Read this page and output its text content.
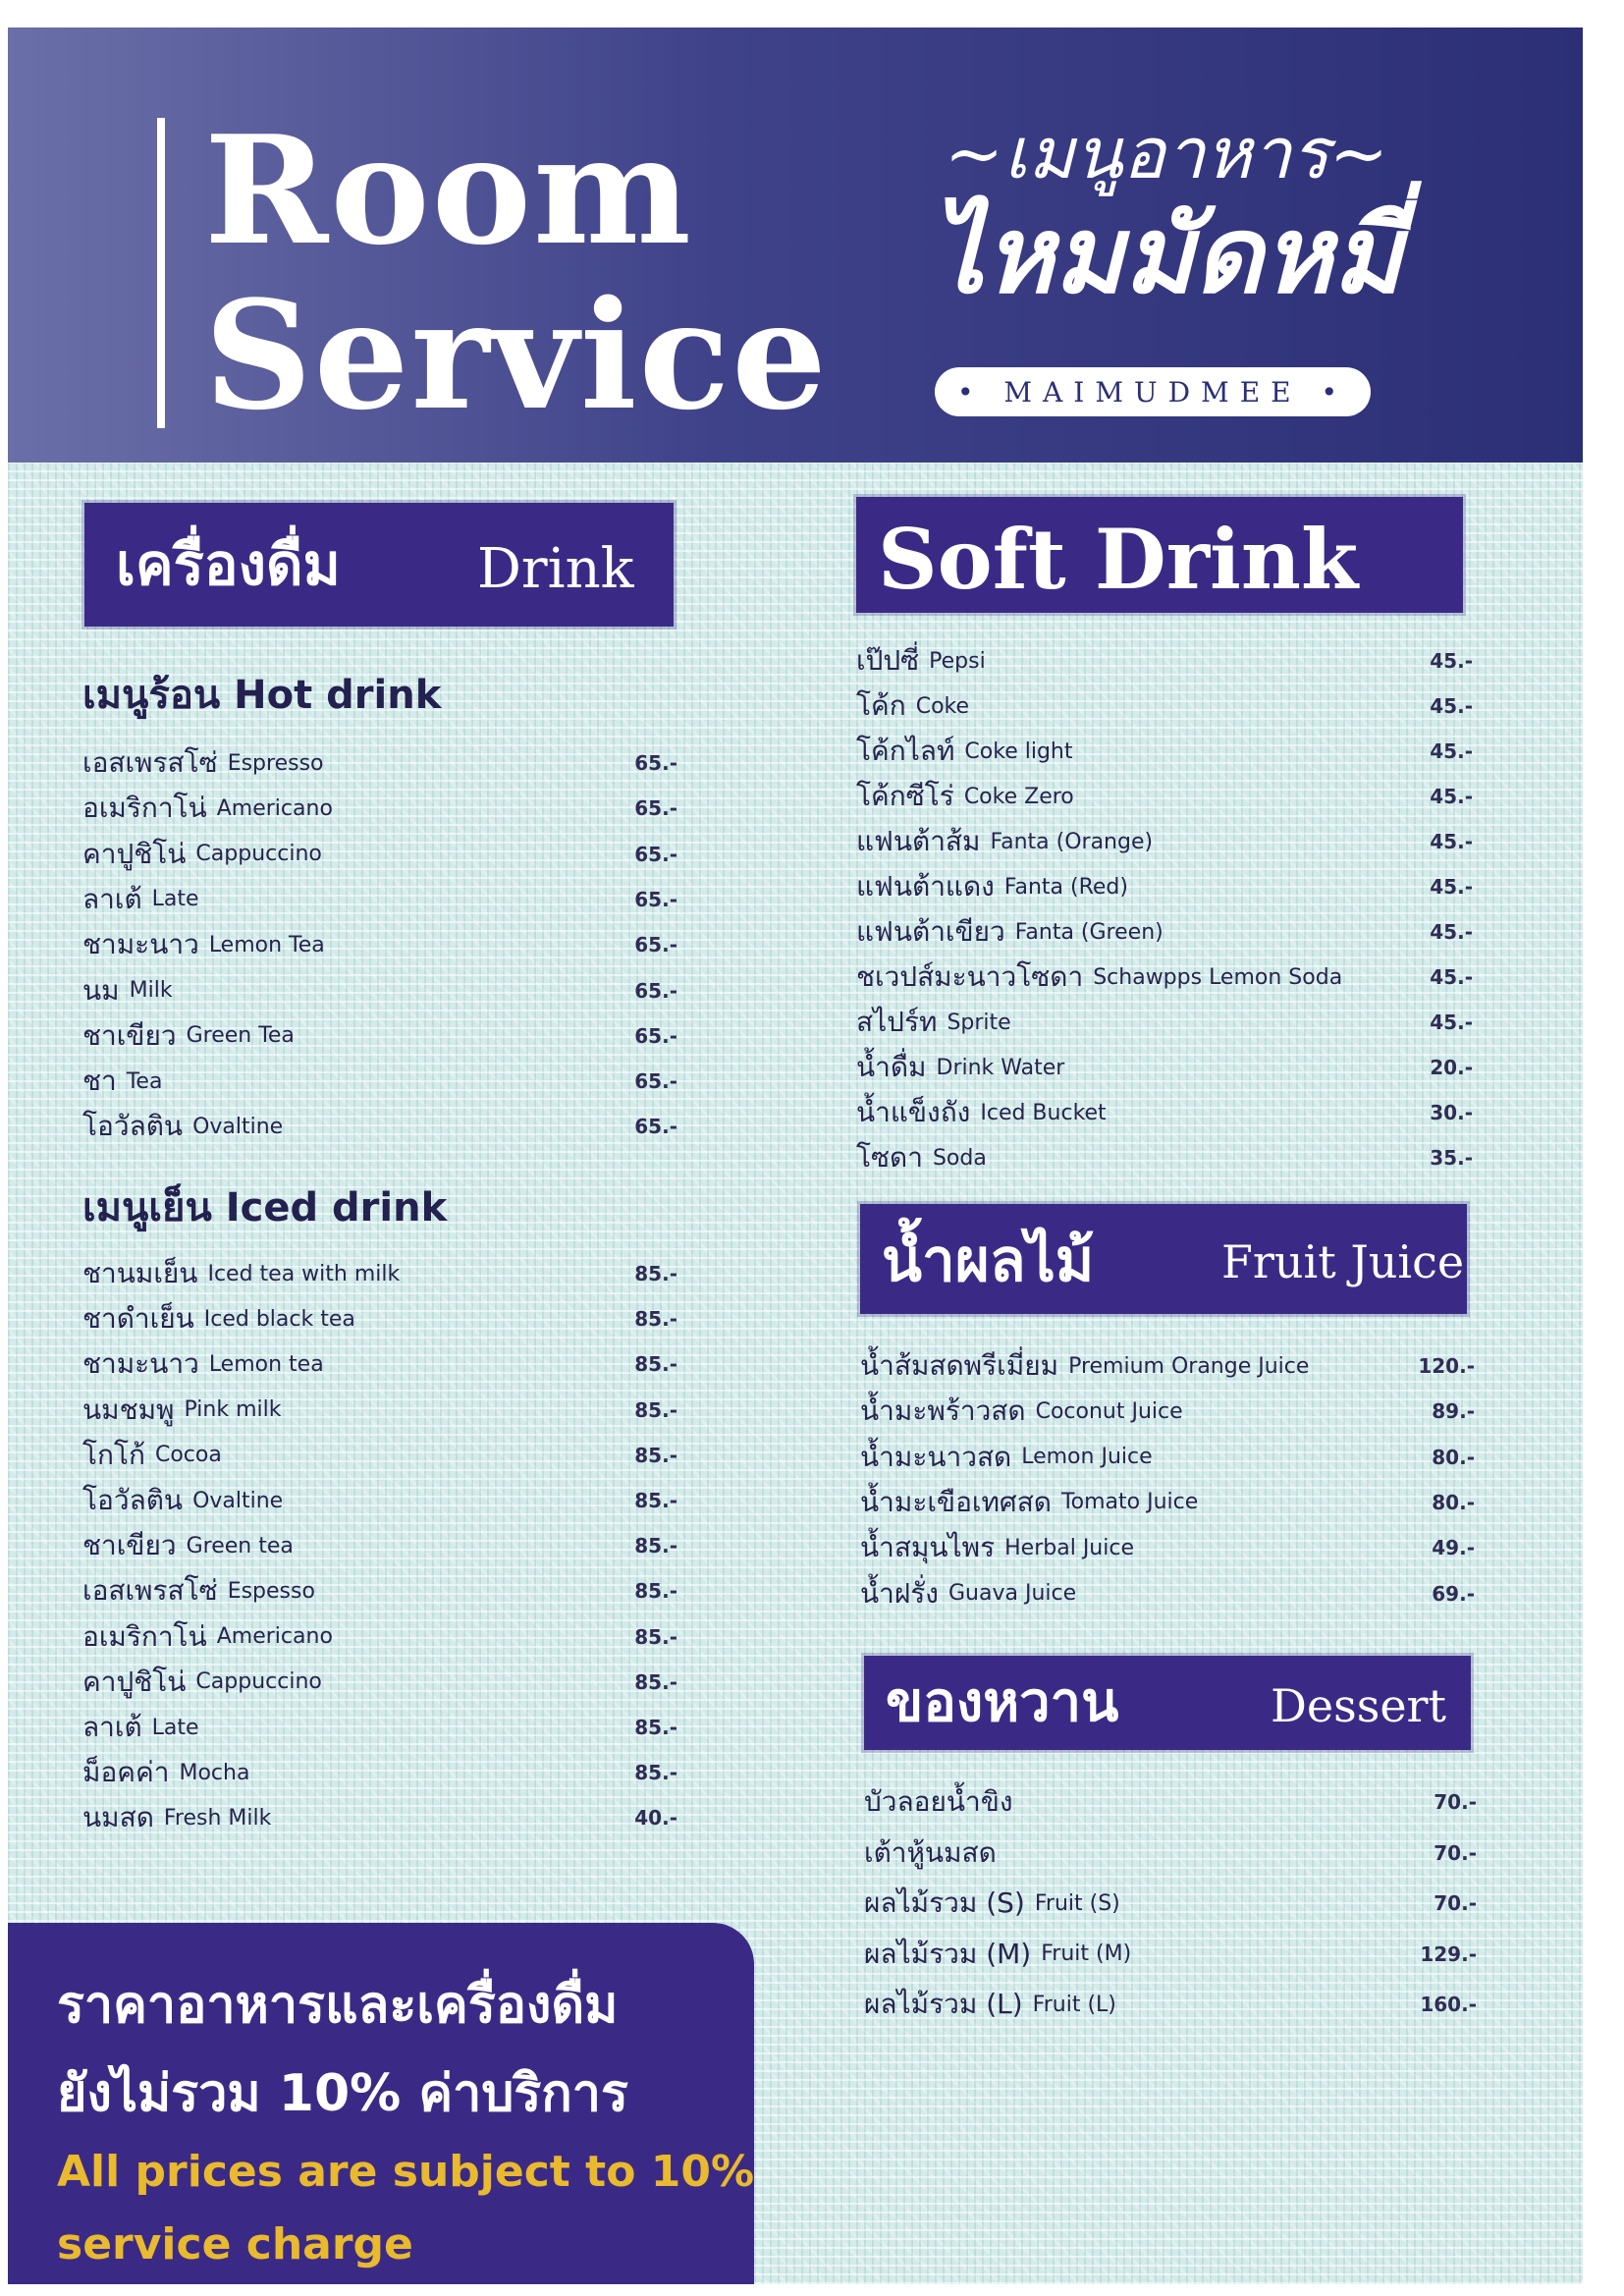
Room
Service
~เมนูอาหาร~
ไหมมัดหมี่
• MAIMUDMEE •
เครื่องดื่ม Drink
เมนูร้อน Hot drink
เอสเพรสโซ่ Espresso	65.-
อเมริกาโน่ Americano	65.-
คาปูชิโน่ Cappuccino	65.-
ลาเต้ Late	65.-
ชามะนาว Lemon Tea	65.-
นม Milk	65.-
ชาเขียว Green Tea	65.-
ชา Tea	65.-
โอวัลติน Ovaltine	65.-
เมนูเย็น Iced drink
ชานมเย็น Iced tea with milk	85.-
ชาดำเย็น Iced black tea	85.-
ชามะนาว Lemon tea	85.-
นมชมพู Pink milk	85.-
โกโก้ Cocoa	85.-
โอวัลติน Ovaltine	85.-
ชาเขียว Green tea	85.-
เอสเพรสโซ่ Espesso	85.-
อเมริกาโน่ Americano	85.-
คาปูชิโน่ Cappuccino	85.-
ลาเต้ Late	85.-
ม็อคค่า Mocha	85.-
นมสด Fresh Milk	40.-
Soft Drink
เป๊ปซี่ Pepsi	45.-
โค้ก Coke	45.-
โค้กไลท์ Coke light	45.-
โค้กซีโร่ Coke Zero	45.-
แฟนต้าส้ม Fanta (Orange)	45.-
แฟนต้าแดง Fanta (Red)	45.-
แฟนต้าเขียว Fanta (Green)	45.-
ชเวปส์มะนาวโซดา Schawpps Lemon Soda	45.-
สไปร์ท Sprite	45.-
น้ำดื่ม Drink Water	20.-
น้ำแข็งถัง Iced Bucket	30.-
โซดา Soda	35.-
น้ำผลไม้	Fruit Juice
น้ำส้มสดพรีเมี่ยม Premium Orange Juice	120.-
น้ำมะพร้าวสด Coconut Juice	89.-
น้ำมะนาวสด Lemon Juice	80.-
น้ำมะเขือเทศสด Tomato Juice	80.-
น้ำสมุนไพร Herbal Juice	49.-
น้ำฝรั่ง Guava Juice	69.-
ของหวาน	Dessert
บัวลอยน้ำขิง	70.-
เต้าหู้นมสด	70.-
ผลไม้รวม (S) Fruit (S)	70.-
ผลไม้รวม (M) Fruit (M)	129.-
ผลไม้รวม (L) Fruit (L)	160.-
ราคาอาหารและเครื่องดื่ม
ยังไม่รวม 10% ค่าบริการ
All prices are subject to 10%
service charge
